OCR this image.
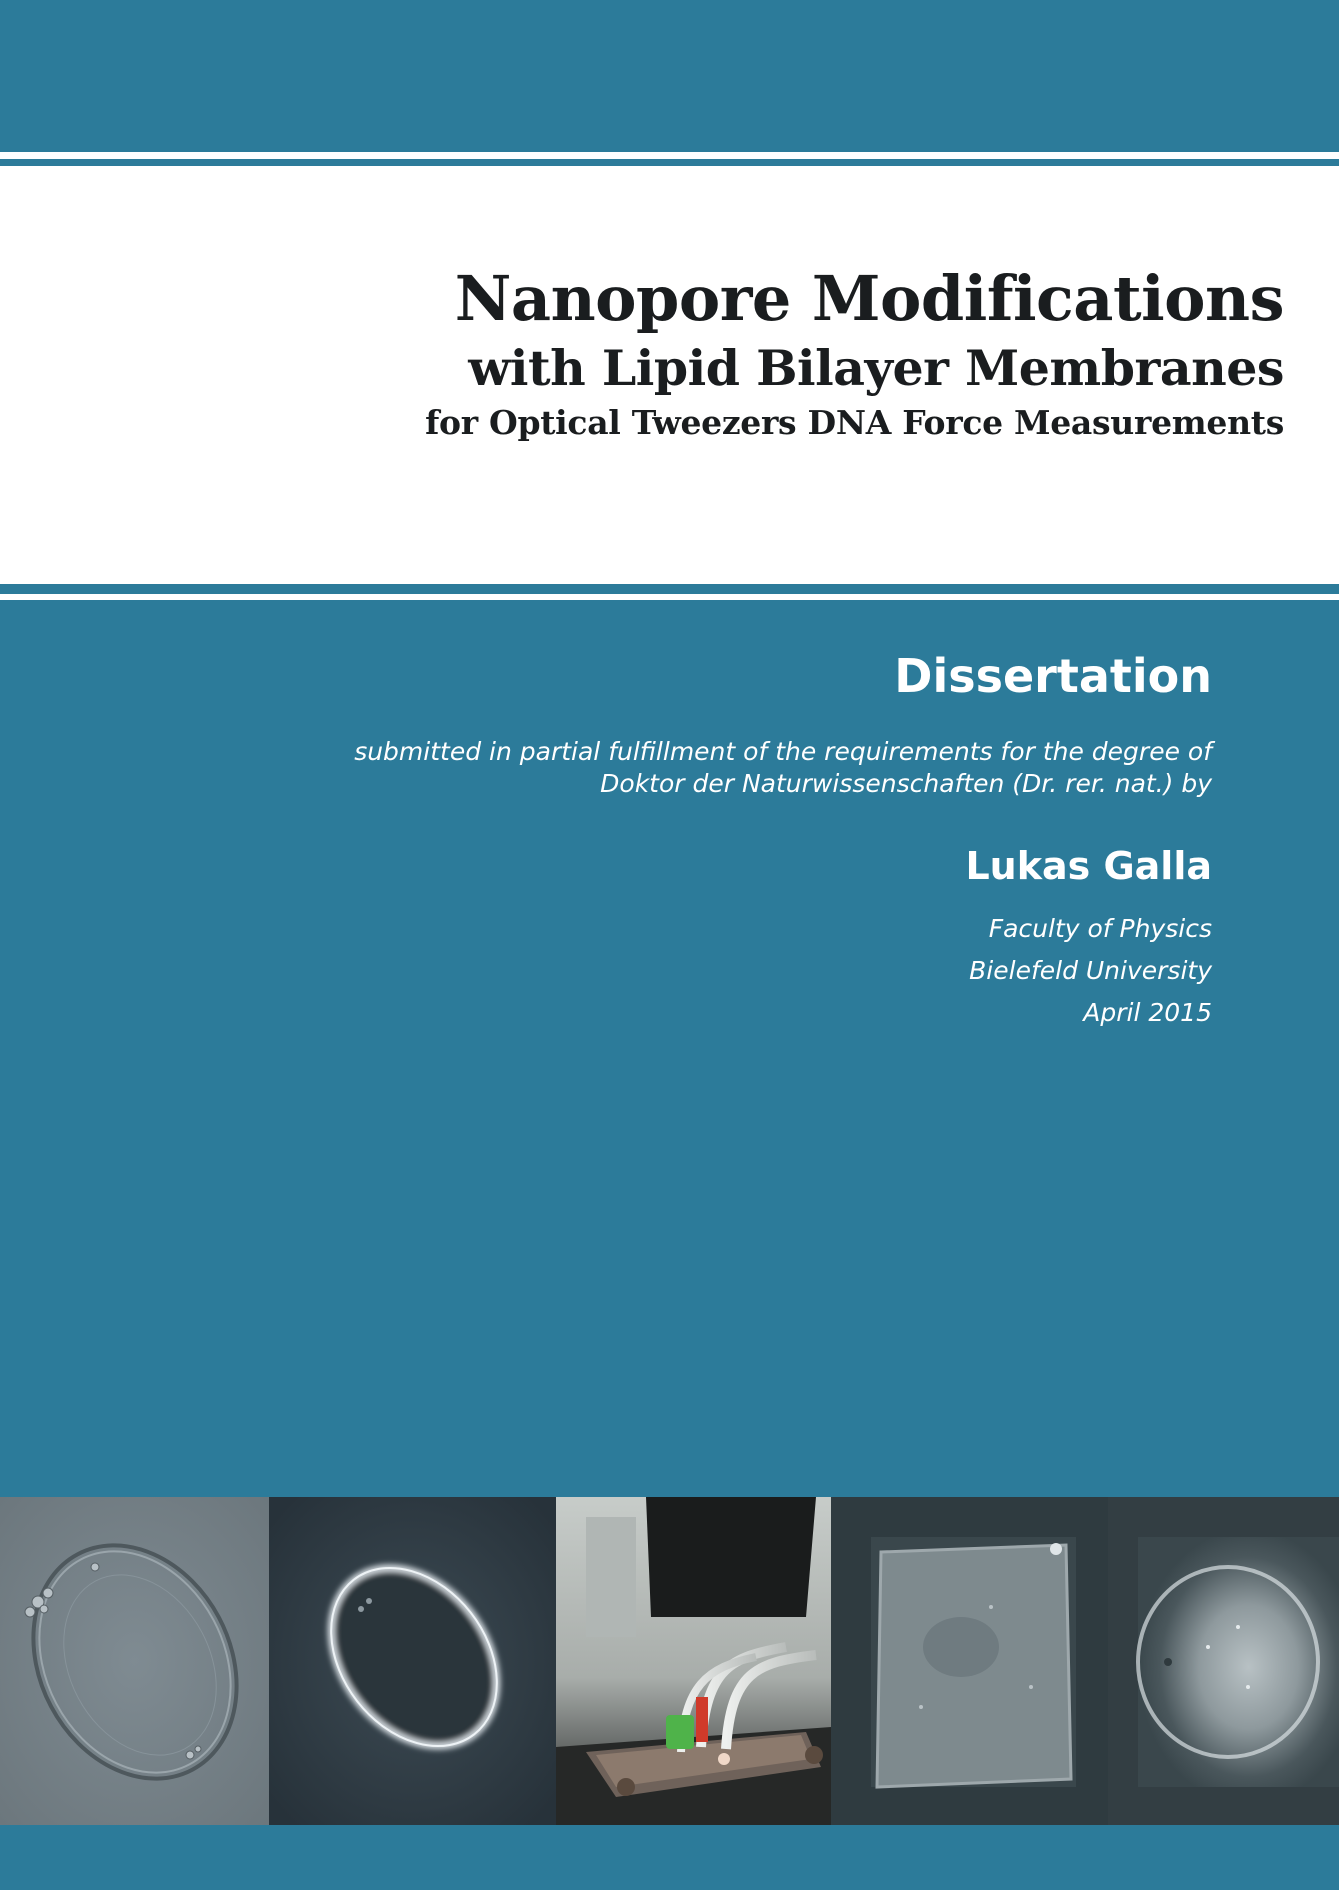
Nanopore Modifications
with Lipid Bilayer Membranes
for Optical Tweezers DNA Force Measurements
Dissertation
submitted in partial fulfillment of the requirements for the degree of
Doktor der Naturwissenschaften (Dr. rer. nat.) by
Lukas Galla
Faculty of Physics
Bielefeld University
April 2015
